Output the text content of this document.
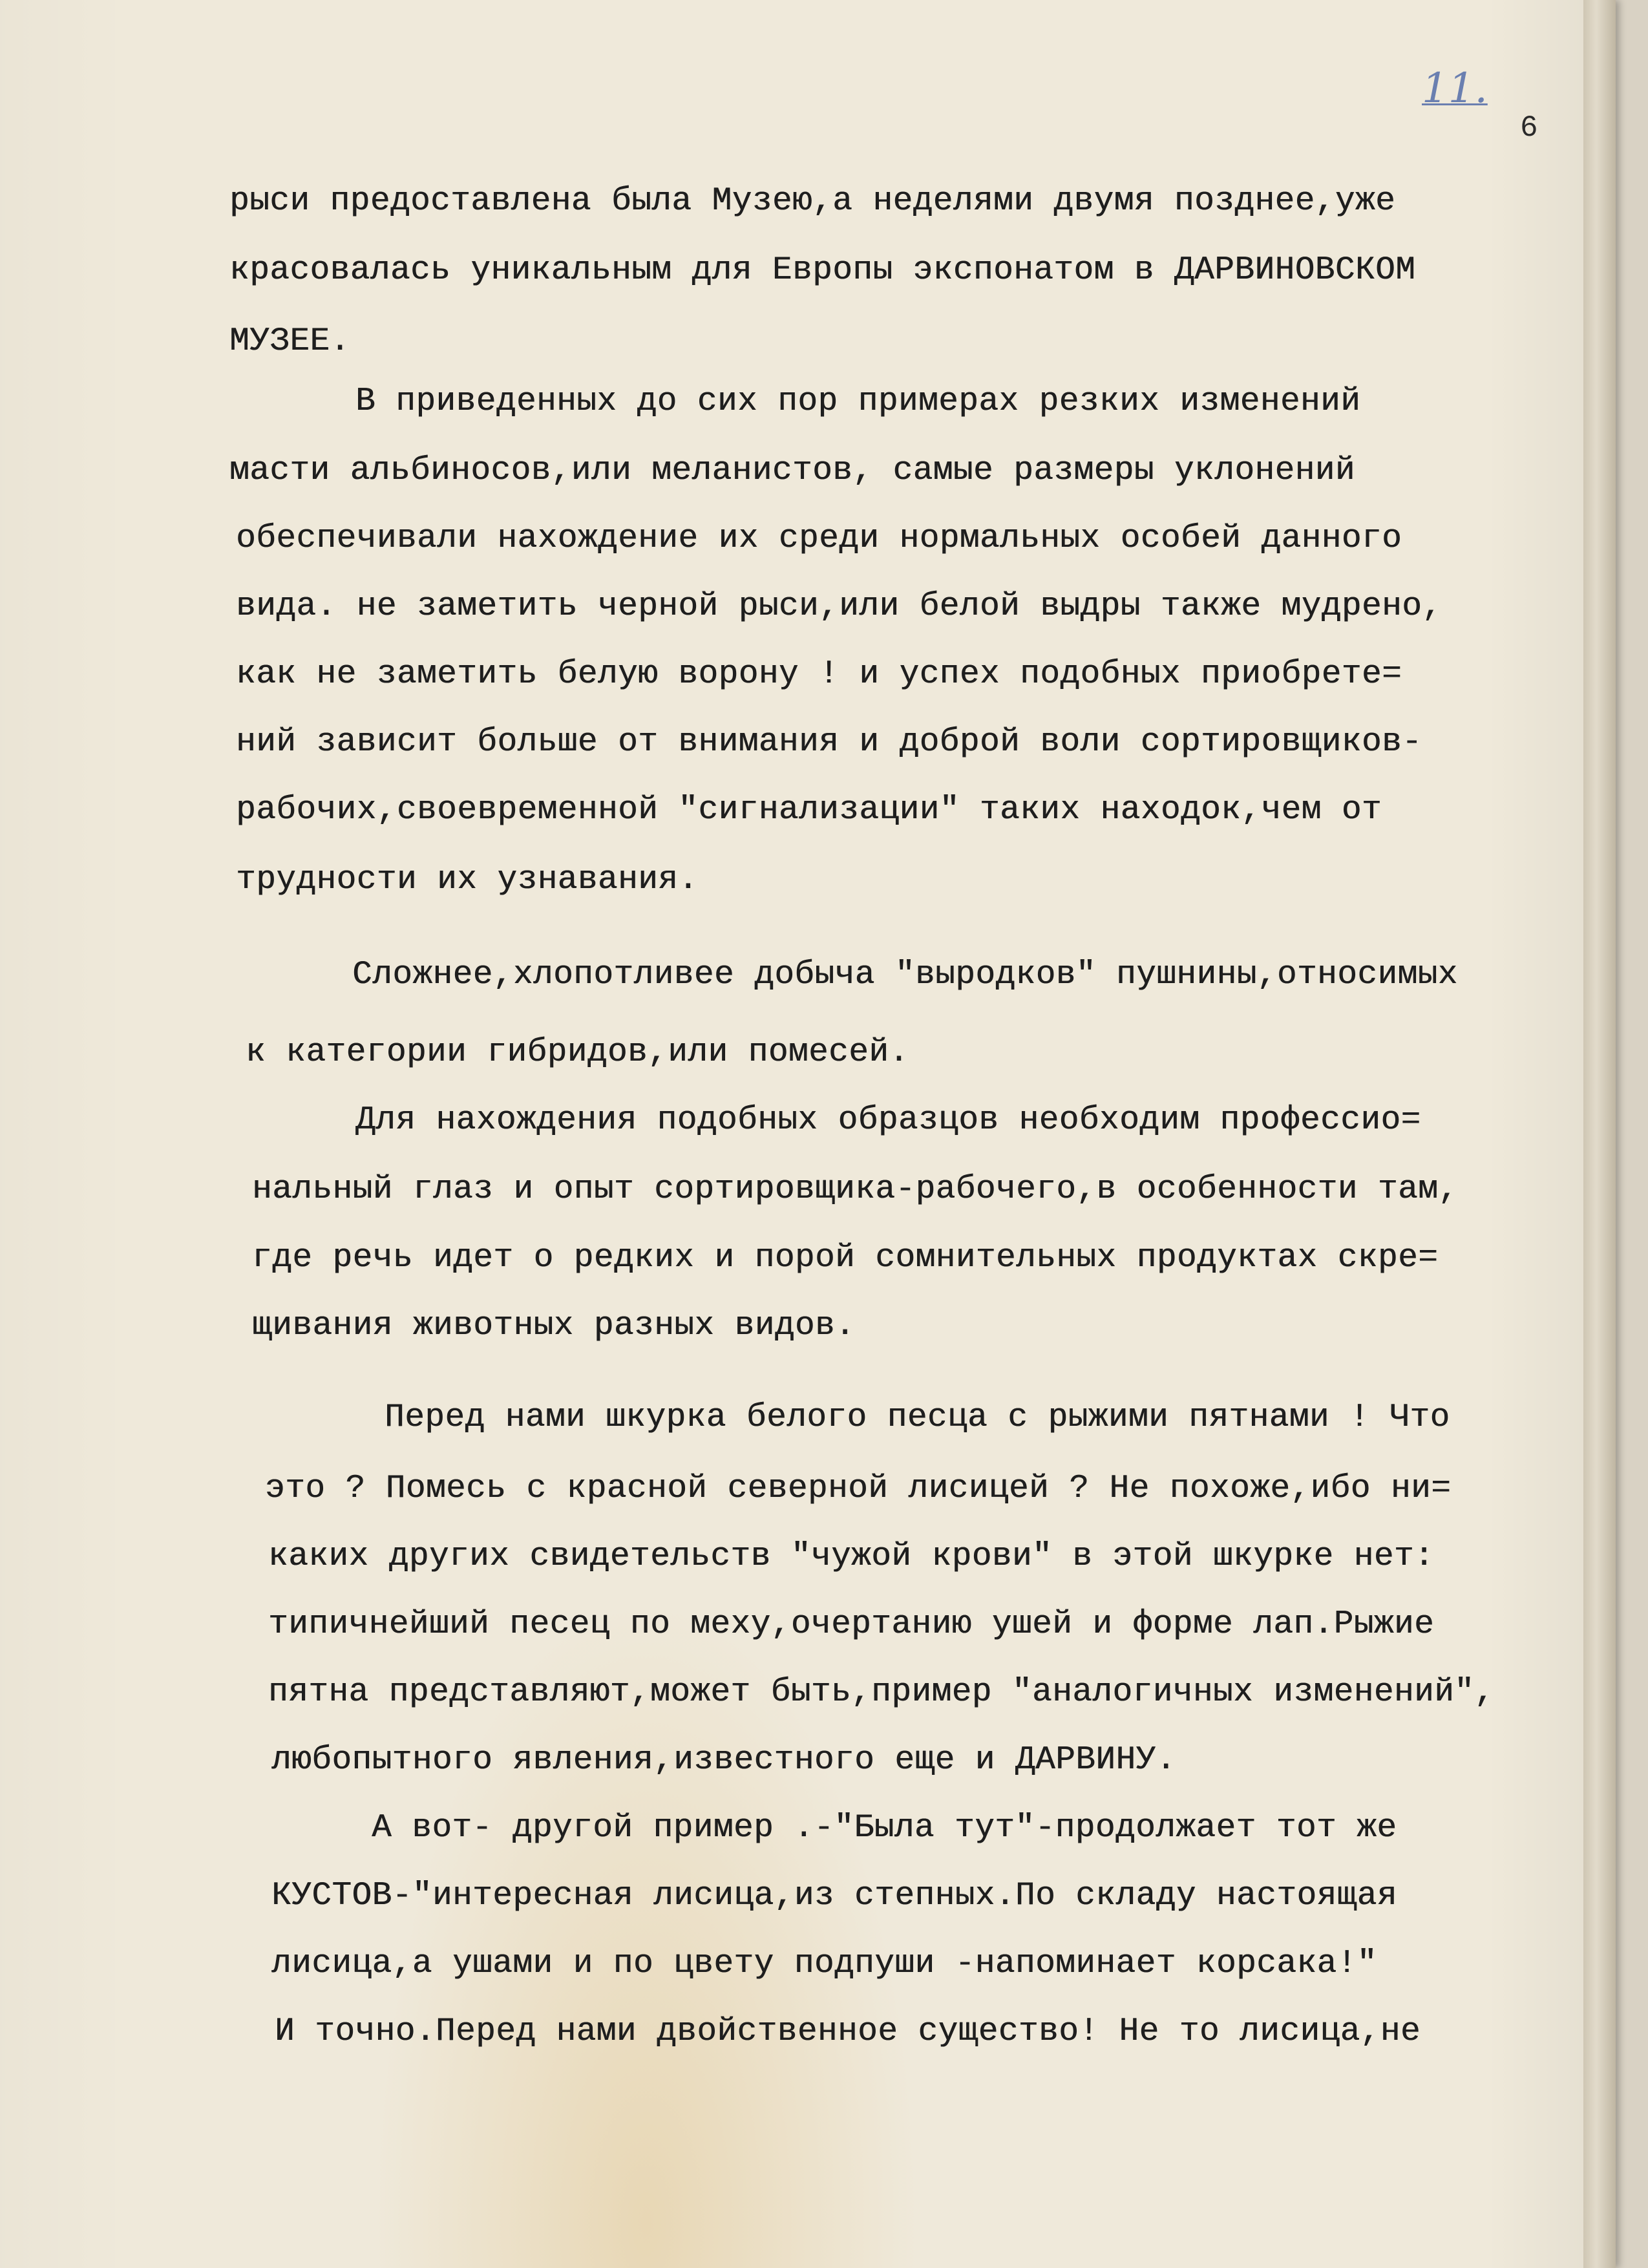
11.
6
рыси предоставлена была Музею,а неделями двумя позднее,уже
красовалась уникальным для Европы экспонатом в ДАРВИНОВСКОМ
МУЗЕЕ.
В приведенных до сих пор примерах резких изменений
масти альбиносов,или меланистов, самые размеры уклонений
обеспечивали нахождение их среди нормальных особей данного
вида. не заметить черной рыси,или белой выдры также мудрено,
как не заметить белую ворону ! и успех подобных приобрете=
ний зависит больше от внимания и доброй воли сортировщиков-
рабочих,своевременной "сигнализации" таких находок,чем от
трудности их узнавания.
Сложнее,хлопотливее добыча "выродков" пушнины,относимых
к категории гибридов,или помесей.
Для нахождения подобных образцов необходим профессио=
нальный глаз и опыт сортировщика-рабочего,в особенности там,
где речь идет о редких и порой сомнительных продуктах скре=
щивания животных разных видов.
Перед нами шкурка белого песца с рыжими пятнами ! Что
это ? Помесь с красной северной лисицей ? Не похоже,ибо ни=
каких других свидетельств "чужой крови" в этой шкурке нет:
типичнейший песец по меху,очертанию ушей и форме лап.Рыжие
пятна представляют,может быть,пример "аналогичных изменений",
любопытного явления,известного еще и ДАРВИНУ.
А вот- другой пример .-"Была тут"-продолжает тот же
КУСТОВ-"интересная лисица,из степных.По складу настоящая
лисица,а ушами и по цвету подпуши -напоминает корсака!"
И точно.Перед нами двойственное существо! Не то лисица,не
